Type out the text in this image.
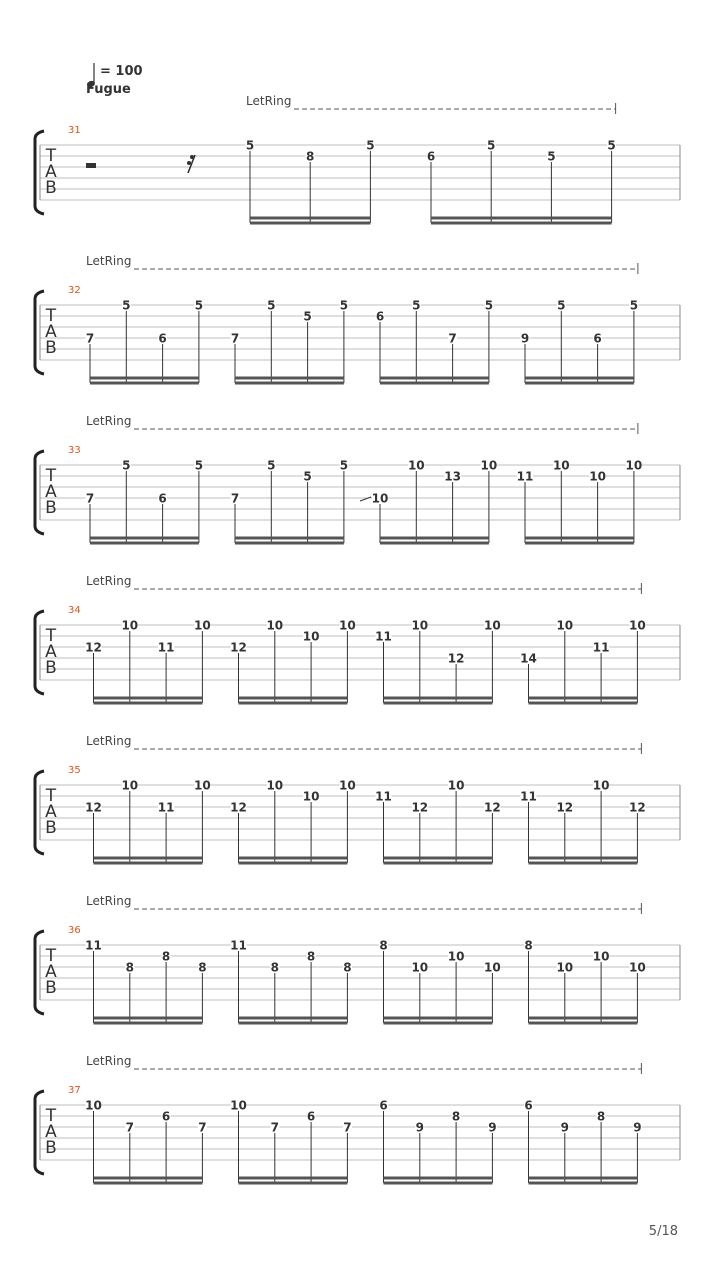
= 100
Fugue
LetRing
31
T
A
B
5
8
5
6
5
5
5
LetRing
32
T
A
B 7
5
6
5
7
5
5
5
6
5
7
5
9
5
6
5
LetRing
33
T
A
B 7
5
6
5
7
5
5
5
10
10
13
10
11
10
10
10
LetRing
34
T
A
B
12
10
11
10
12
10
10
10
11
10
12
10
14
10
11
10
LetRing
35
T
A
B
12
10
11
10
12
10
10
10
11
12
10
12
11
12
10
12
LetRing
36
T
A
B
11
8
8
8
11
8
8
8
8
10
10
10
8
10
10
10
LetRing
37
T
A
B
10
7
6
7
10
7
6
7
6
9
8
9
6
9
8
9
5/18
